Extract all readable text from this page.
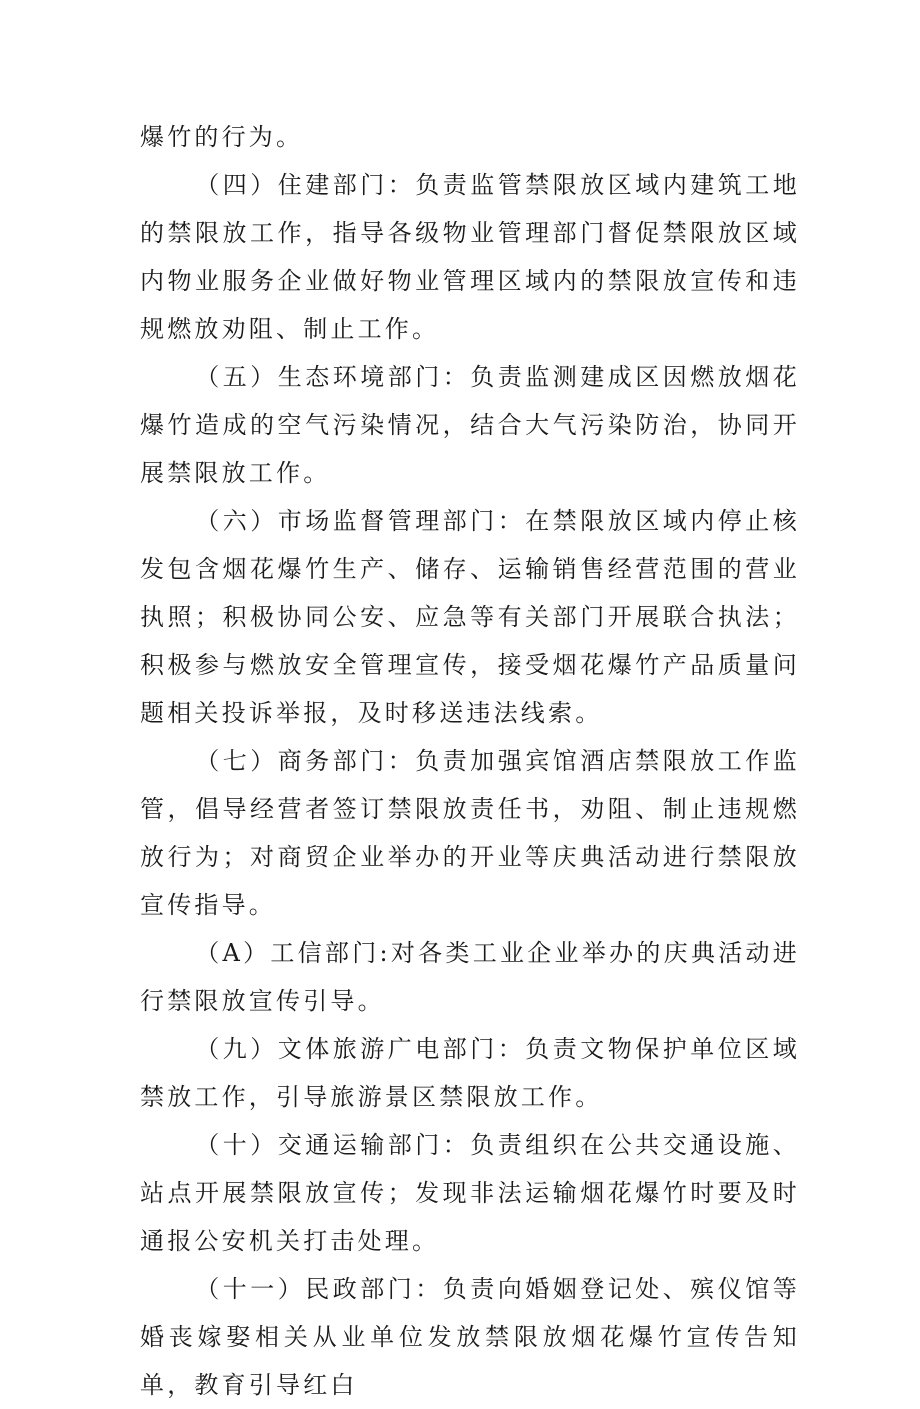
爆竹的行为。

（四）住建部门：负责监管禁限放区域内建筑工地的禁限放工作，指导各级物业管理部门督促禁限放区域内物业服务企业做好物业管理区域内的禁限放宣传和违规燃放劝阻、制止工作。

（五）生态环境部门：负责监测建成区因燃放烟花爆竹造成的空气污染情况，结合大气污染防治，协同开展禁限放工作。

（六）市场监督管理部门：在禁限放区域内停止核发包含烟花爆竹生产、储存、运输销售经营范围的营业执照；积极协同公安、应急等有关部门开展联合执法；积极参与燃放安全管理宣传，接受烟花爆竹产品质量问题相关投诉举报，及时移送违法线索。

（七）商务部门：负责加强宾馆酒店禁限放工作监管，倡导经营者签订禁限放责任书，劝阻、制止违规燃放行为；对商贸企业举办的开业等庆典活动进行禁限放宣传指导。

（A）工信部门:对各类工业企业举办的庆典活动进行禁限放宣传引导。

（九）文体旅游广电部门：负责文物保护单位区域禁放工作，引导旅游景区禁限放工作。

（十）交通运输部门：负责组织在公共交通设施、站点开展禁限放宣传；发现非法运输烟花爆竹时要及时通报公安机关打击处理。

（十一）民政部门：负责向婚姻登记处、殡仪馆等婚丧嫁娶相关从业单位发放禁限放烟花爆竹宣传告知单，教育引导红白
